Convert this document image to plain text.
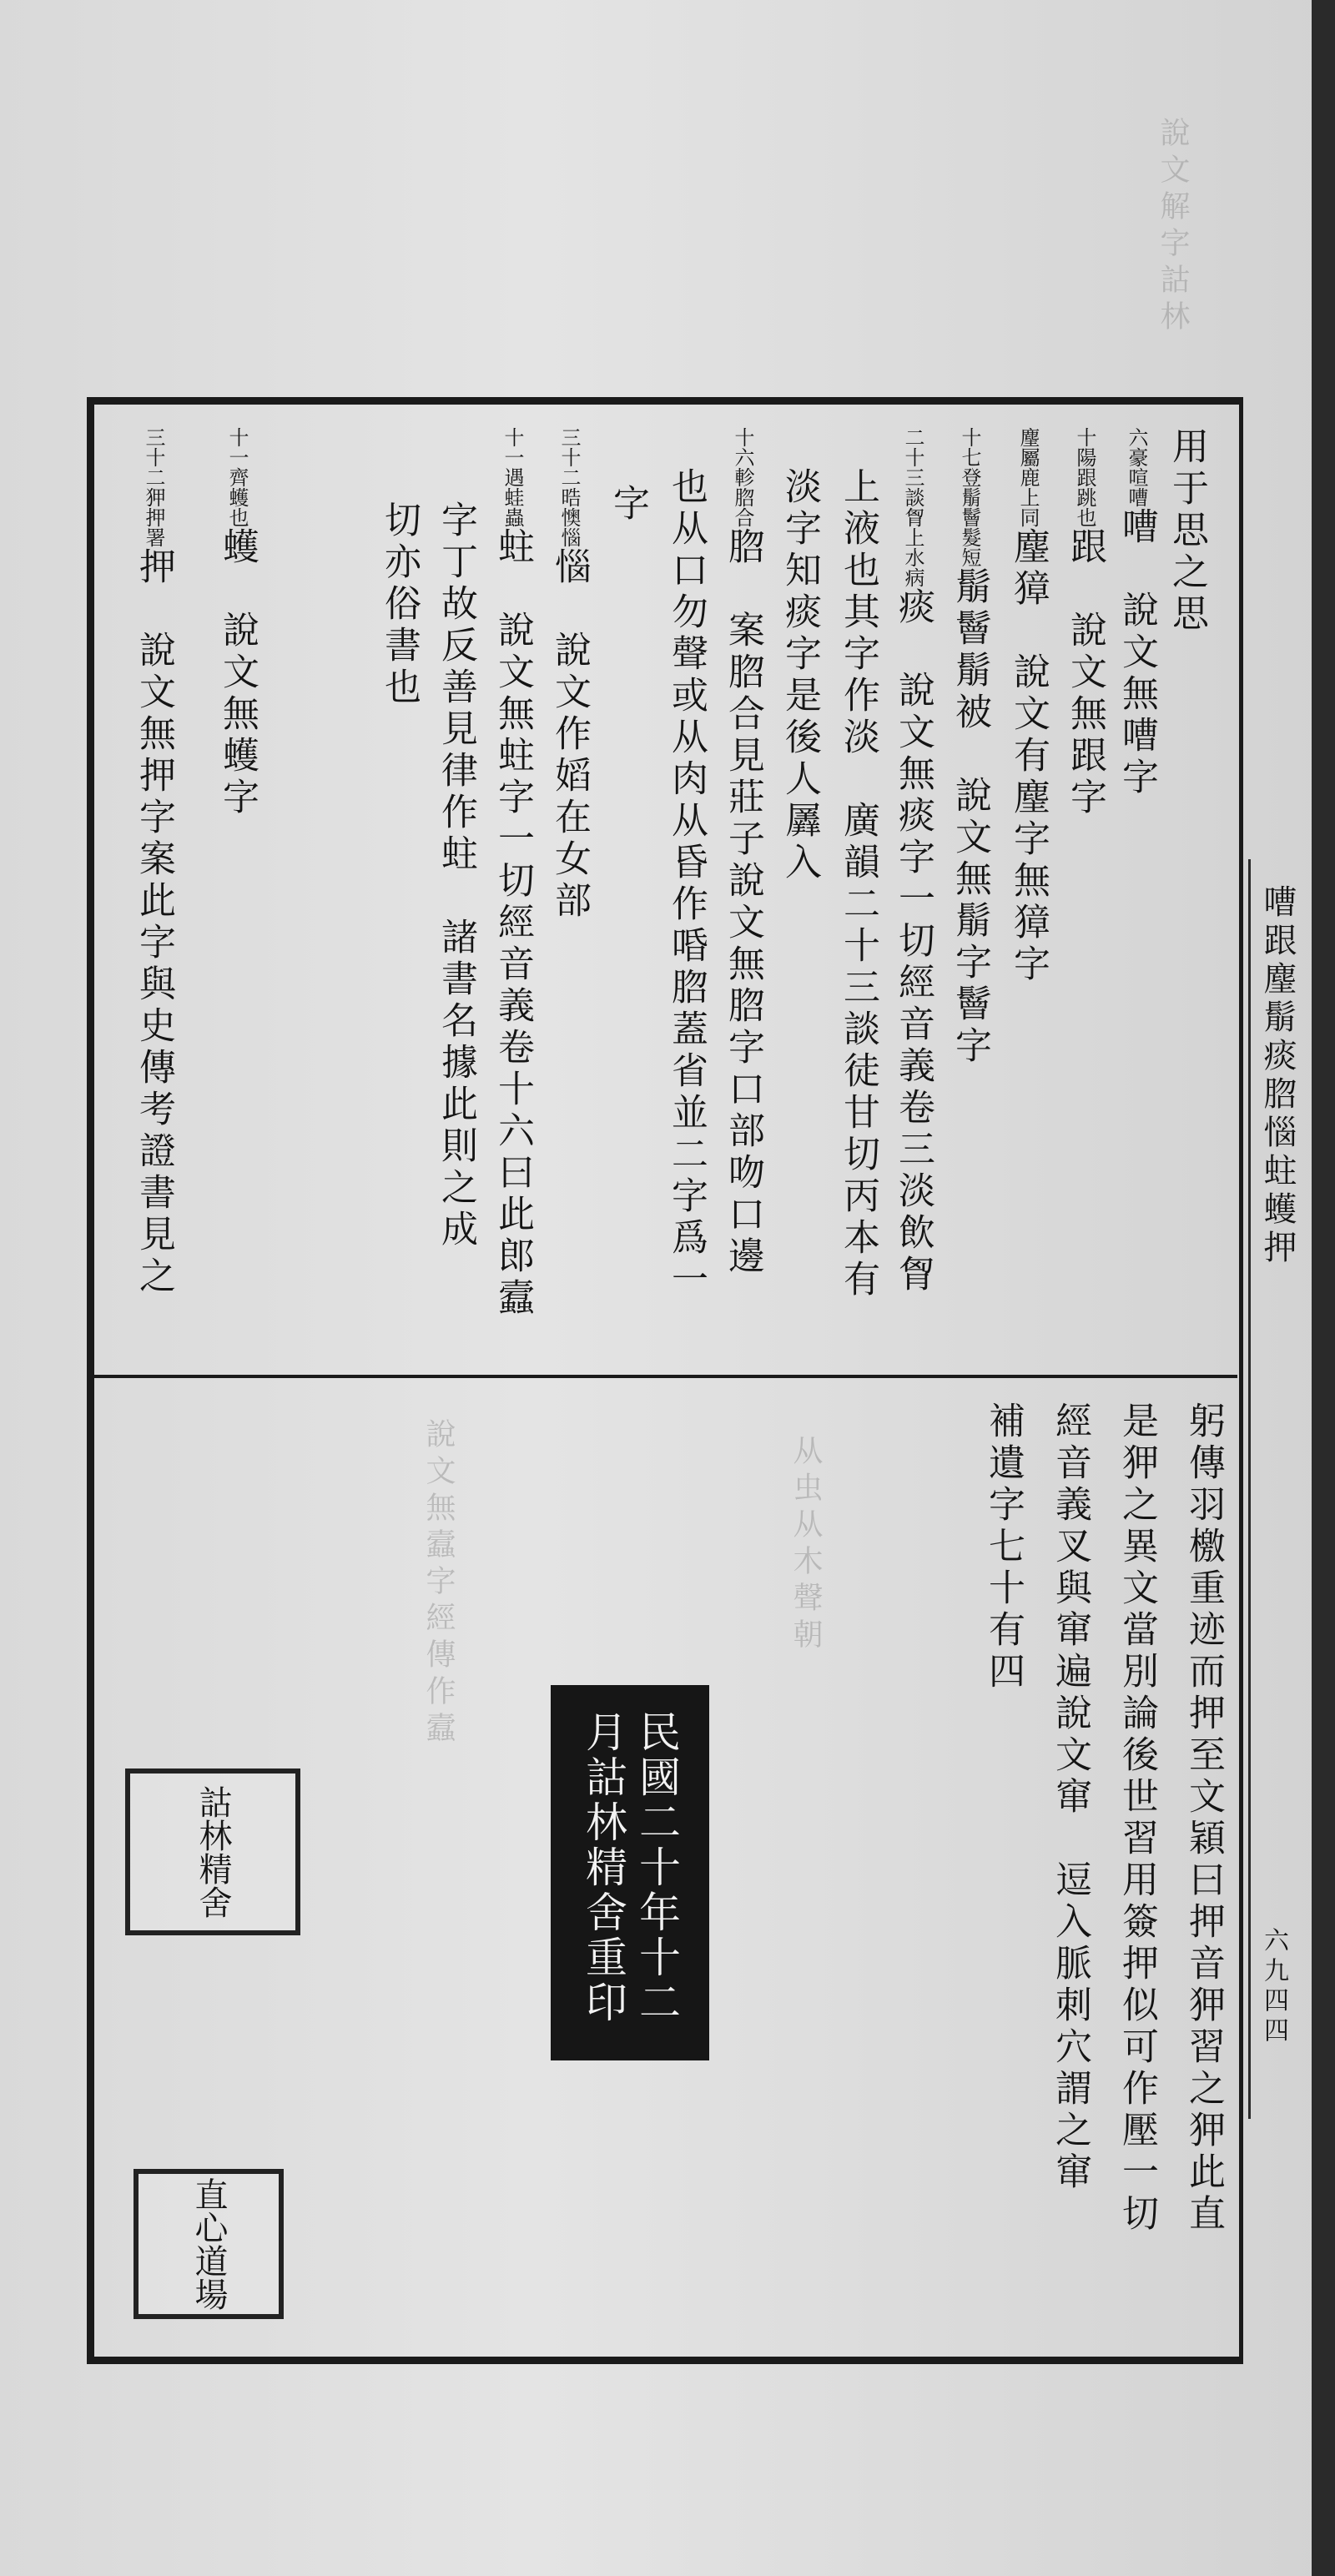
說文解字詁林
說文無蠧字經傳作蠧	从虫从木聲朝
用于思之思
六豪喧嘈嘈　說文無嘈字
十陽跟跳也跟　說文無跟字
麈屬鹿上同麈獐　說文有麈字無獐字
十七登鬅鬙髮短鬅鬙鬅被　說文無鬅字鬙字
二十三談胷上水病痰　說文無痰字一切經音義卷三淡飲胷
上液也其字作淡　廣韻二十三談徒甘切丙本有
淡字知痰字是後人羼入
十六軫脗合脗　案脗合見莊子說文無脗字口部吻口邊
也从口勿聲或从肉从昏作㖧脗蓋省並二字爲一
字
三十二晧懊惱惱　說文作嫍在女部
十一遇蛙蟲蛀　說文無蛀字一切經音義卷十六曰此郎蠧
字丁故反善見律作蛀　諸書名據此則之成
切亦俗書也
十一齊蠖也蠖　說文無蠖字
三十二狎押署押　說文無押字案此字與史傳考證書見之
躬傳羽檄重迹而押至文穎曰押音狎習之狎此直
是狎之異文當別論後世習用簽押似可作壓一切
經音義叉與窜遍說文窜　逗入脈刺穴謂之窜
補遺字七十有四
民國二十年十二
月詁林精舍重印
詁林精舍
直心道場
嘈跟麈鬅痰脗惱蛀蠖押
六九四四
